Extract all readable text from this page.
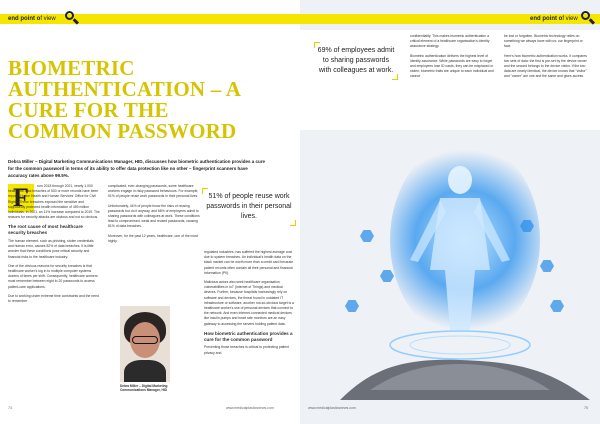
end point of view
BIOMETRIC AUTHENTICATION – A CURE FOR THE COMMON PASSWORD

Debra Miller – Digital Marketing Communications Manager, HID, discusses how biometric authentication provides a cure for the common password in terms of its ability to offer data protection like no other – fingerprint scanners have accuracy rates above 99.5%.

F	rom 2018 through 2021, nearly 1,000 healthcare data breaches of 500 or more records have been reported to the Health and Human Services' Office for Civil Rights. These breaches exposed the sensitive and supposedly protected health information of 459 million individuals. In 2021, an 11% increase compared to 2019. The reasons for security attacks are obvious and not so obvious.

The root cause of most healthcare security breaches

The human element, such as phishing, stolen credentials and human error, causes 82% of data breaches. It is little wonder that these conditions pose critical security and financial risks to the healthcare industry.

One of the obvious reasons for security breaches is that healthcare worker's log in to multiple computer systems dozens of times per shift. Consequently, healthcare workers must remember between eight to 20 passwords to access patient-care applications.

Due to working under extreme time constraints and the need to remember

complicated, ever-changing passwords, some healthcare workers engage in risky password behaviours. For example, 51% of people reuse work passwords in their personal lives.

Unfortunately, 44% of people know the risks of reusing passwords but do it anyway, and 66% of employees admit to sharing passwords with colleagues at work. These conditions lead to compromised, weak and reused passwords, causing 81% of data breaches.

Moreover, for the past 12 years, healthcare, one of the most highly

Debra Miller – Digital Marketing Communications Manager, HID
51% of people reuse work passwords in their personal lives.

regulated industries, has suffered the highest average cost due to system breaches. An individual's health data on the black market can be worth more than a credit card because patient records often contain all their personal and financial information (PII).

Malicious actors also seek healthcare organisation vulnerabilities in IoT (Internet of Things) and medical devices. Further, because hospitals increasingly rely on software and devices, the threat found in outdated IT infrastructure or software, another not-so-obvious target is a healthcare worker's use of personal devices that connect to the network. And even Internet-connected medical devices like insulin pumps and heart rate monitors are an easy gateway to accessing the servers holding patient data.

How biometric authentication provides a cure for the common password

Preventing those breaches is critical to protecting patient privacy and

74	www.medicalplasticsnews.com
end point of view
69% of employees admit to sharing passwords with colleagues at work.

confidentiality. This makes biometric authentication a critical element of a healthcare organisation's identity assurance strategy.

Biometric authentication delivers the highest level of identity assurance. While passwords are easy to forget and employees lose ID cards, they can be misplaced or stolen; biometric traits are unique to each individual and cannot

be lost or forgotten. Biometric technology relies on something we always have with us: our fingerprint or face.

Here's how biometric authentication works. It compares two sets of data: the first is pre-set by the device owner and the second belongs to the device visitor. If the two data are nearly identical, the device knows that "visitor" and "owner" are one and the same and gives access

www.medicalplasticsnews.com	75
